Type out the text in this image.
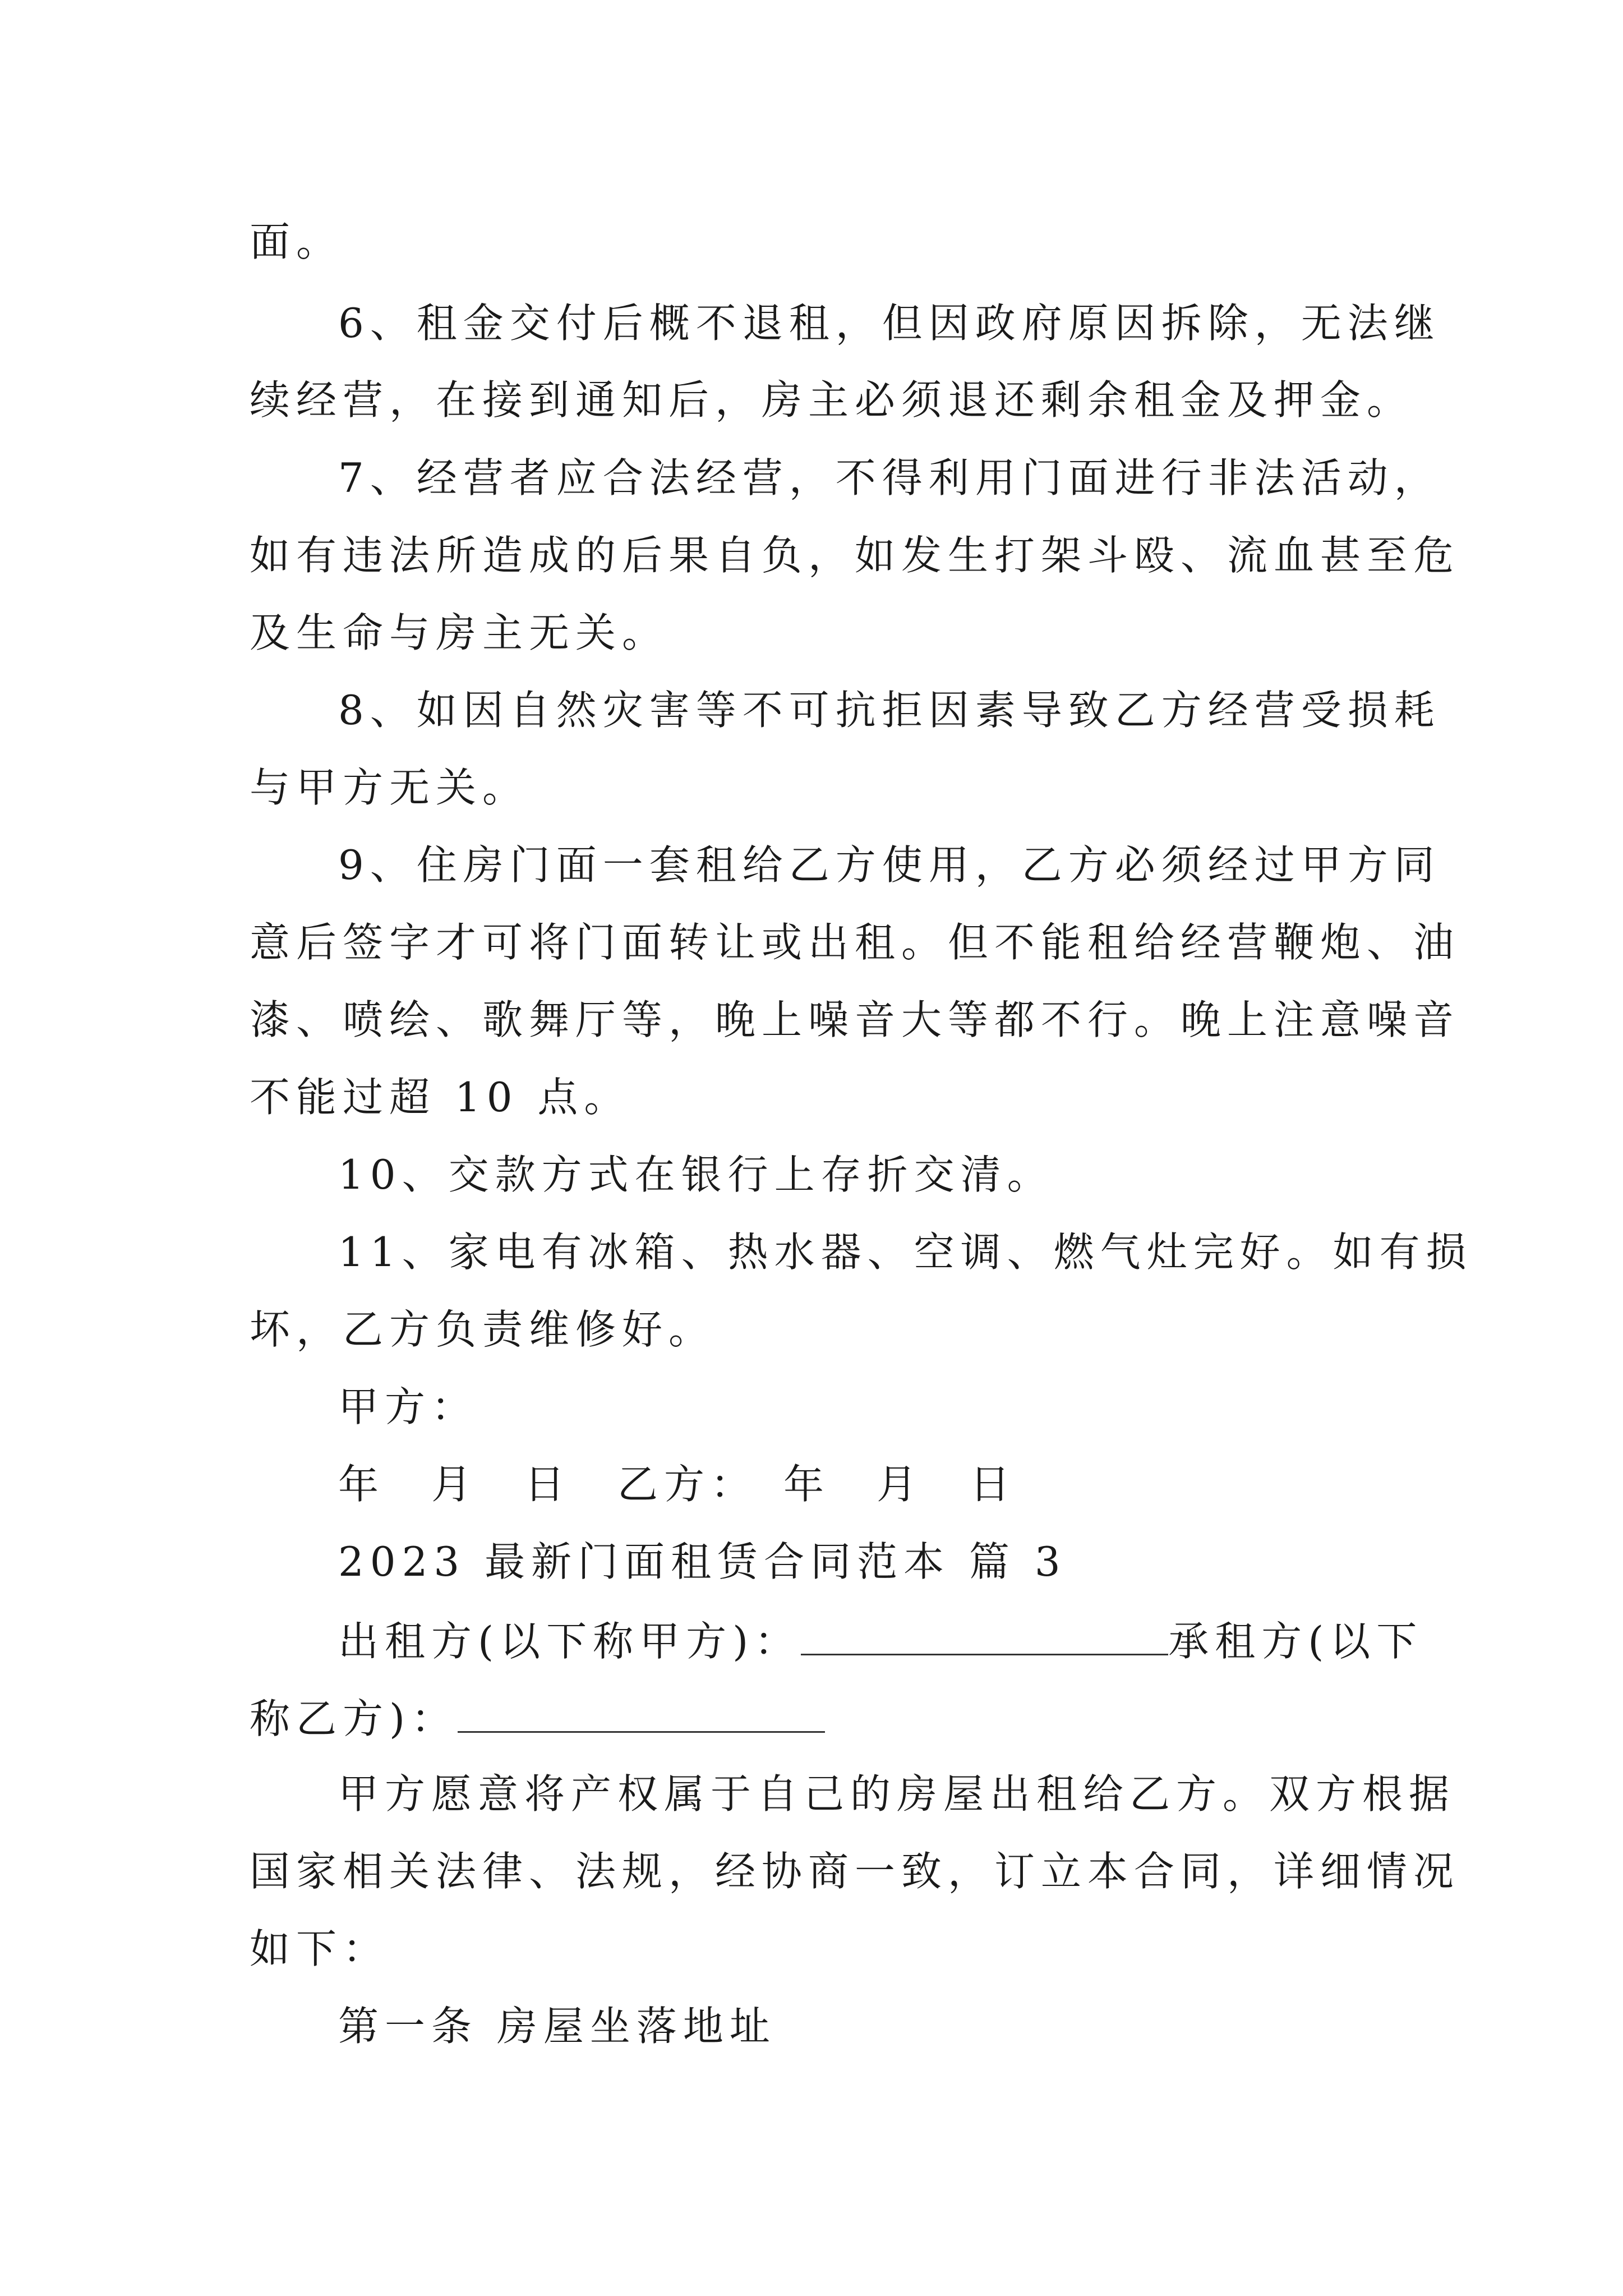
面。
6、租金交付后概不退租，但因政府原因拆除，无法继
续经营，在接到通知后，房主必须退还剩余租金及押金。
7、经营者应合法经营，不得利用门面进行非法活动，
如有违法所造成的后果自负，如发生打架斗殴、流血甚至危
及生命与房主无关。
8、如因自然灾害等不可抗拒因素导致乙方经营受损耗
与甲方无关。
9、住房门面一套租给乙方使用，乙方必须经过甲方同
意后签字才可将门面转让或出租。但不能租给经营鞭炮、油
漆、喷绘、歌舞厅等，晚上噪音大等都不行。晚上注意噪音
不能过超 10 点。
10、交款方式在银行上存折交清。
11、家电有冰箱、热水器、空调、燃气灶完好。如有损
坏，乙方负责维修好。
甲方：
年　月　日　乙方：　年　月　日
2023 最新门面租赁合同范本 篇 3
出租方(以下称甲方)：	承租方(以下
称乙方)：
甲方愿意将产权属于自己的房屋出租给乙方。双方根据
国家相关法律、法规，经协商一致，订立本合同，详细情况
如下：
第一条 房屋坐落地址
